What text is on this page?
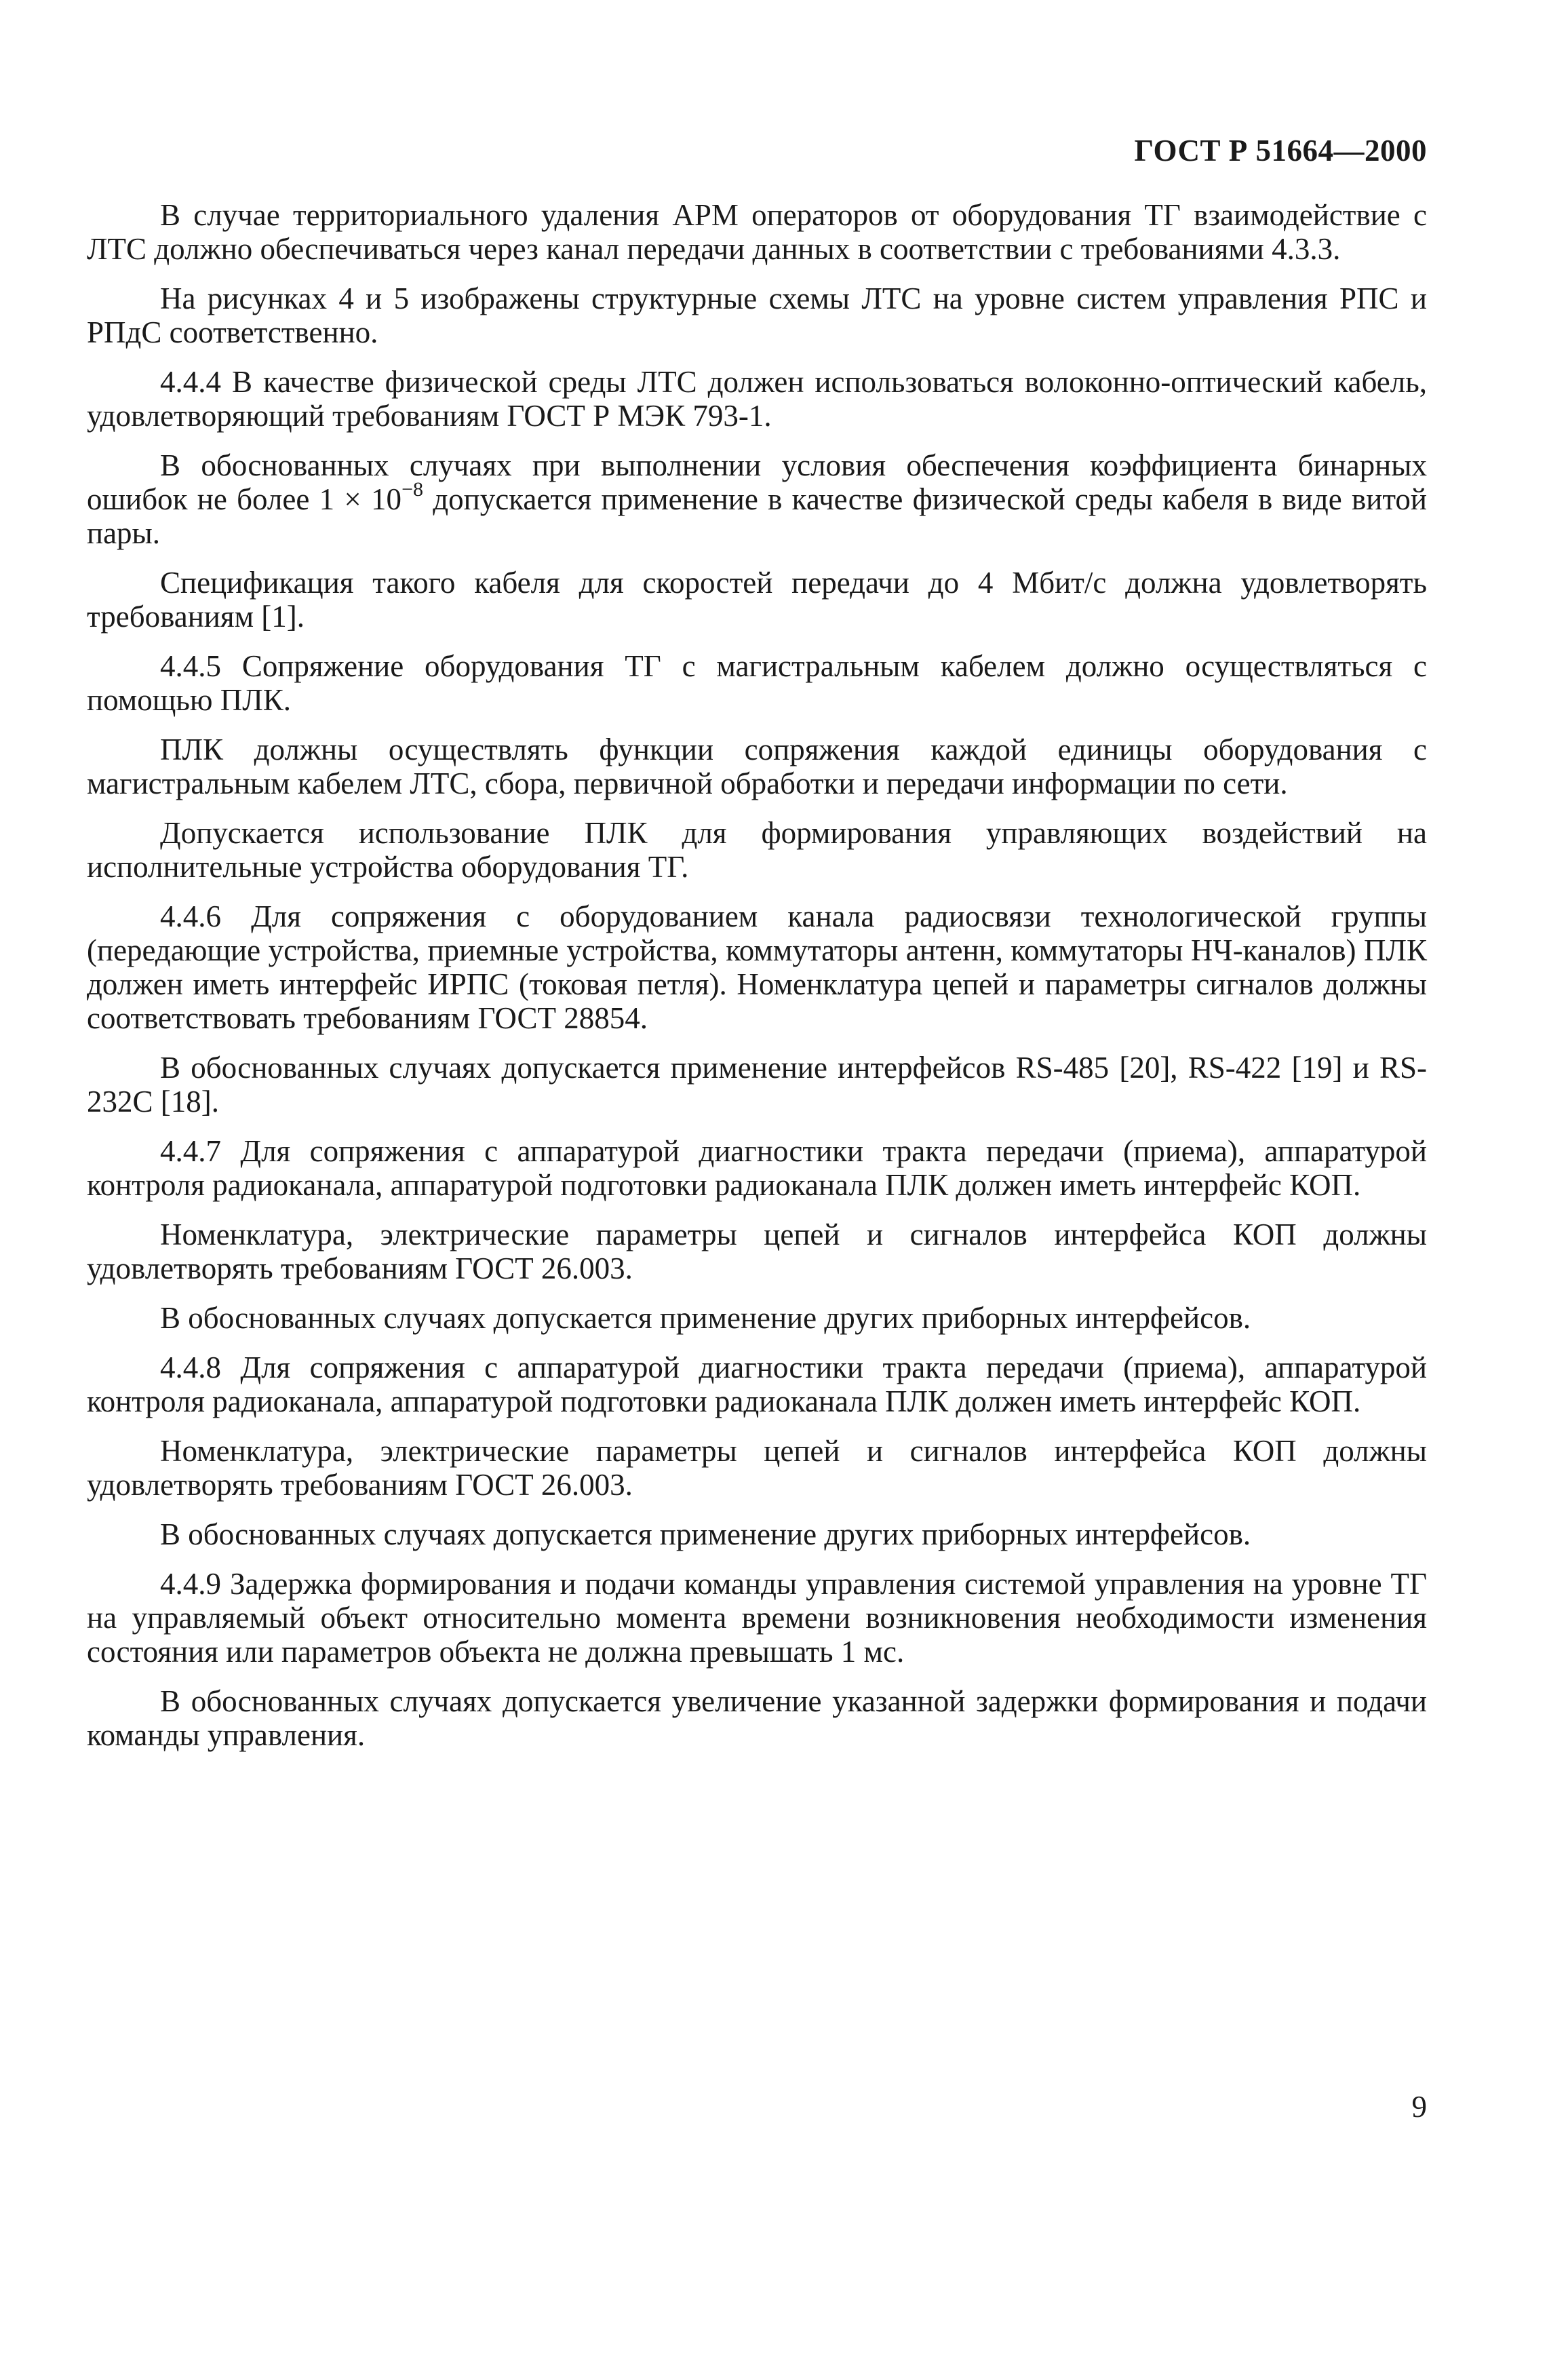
ГОСТ Р 51664—2000

В случае территориального удаления АРМ операторов от оборудования ТГ взаимодействие с ЛТС должно обеспечиваться через канал передачи данных в соответствии с требованиями 4.3.3.

На рисунках 4 и 5 изображены структурные схемы ЛТС на уровне систем управления РПС и РПдС соответственно.

4.4.4 В качестве физической среды ЛТС должен использоваться волоконно-оптический кабель, удовлетворяющий требованиям ГОСТ Р МЭК 793-1.

В обоснованных случаях при выполнении условия обеспечения коэффициента бинарных ошибок не более $1 \times 10^{-8}$ допускается применение в качестве физической среды кабеля в виде витой пары.

Спецификация такого кабеля для скоростей передачи до 4 Мбит/с должна удовлетворять требованиям [1].

4.4.5 Сопряжение оборудования ТГ с магистральным кабелем должно осуществляться с помощью ПЛК.

ПЛК должны осуществлять функции сопряжения каждой единицы оборудования с магистральным кабелем ЛТС, сбора, первичной обработки и передачи информации по сети.

Допускается использование ПЛК для формирования управляющих воздействий на исполнительные устройства оборудования ТГ.

4.4.6 Для сопряжения с оборудованием канала радиосвязи технологической группы (передающие устройства, приемные устройства, коммутаторы антенн, коммутаторы НЧ-каналов) ПЛК должен иметь интерфейс ИРПС (токовая петля). Номенклатура цепей и параметры сигналов должны соответствовать требованиям ГОСТ 28854.

В обоснованных случаях допускается применение интерфейсов RS-485 [20], RS-422 [19] и RS-232C [18].

4.4.7 Для сопряжения с аппаратурой диагностики тракта передачи (приема), аппаратурой контроля радиоканала, аппаратурой подготовки радиоканала ПЛК должен иметь интерфейс КОП.

Номенклатура, электрические параметры цепей и сигналов интерфейса КОП должны удовлетворять требованиям ГОСТ 26.003.

В обоснованных случаях допускается применение других приборных интерфейсов.

4.4.8 Для сопряжения с аппаратурой диагностики тракта передачи (приема), аппаратурой контроля радиоканала, аппаратурой подготовки радиоканала ПЛК должен иметь интерфейс КОП.

Номенклатура, электрические параметры цепей и сигналов интерфейса КОП должны удовлетворять требованиям ГОСТ 26.003.

В обоснованных случаях допускается применение других приборных интерфейсов.

4.4.9 Задержка формирования и подачи команды управления системой управления на уровне ТГ на управляемый объект относительно момента времени возникновения необходимости изменения состояния или параметров объекта не должна превышать 1 мс.

В обоснованных случаях допускается увеличение указанной задержки формирования и подачи команды управления.

9
